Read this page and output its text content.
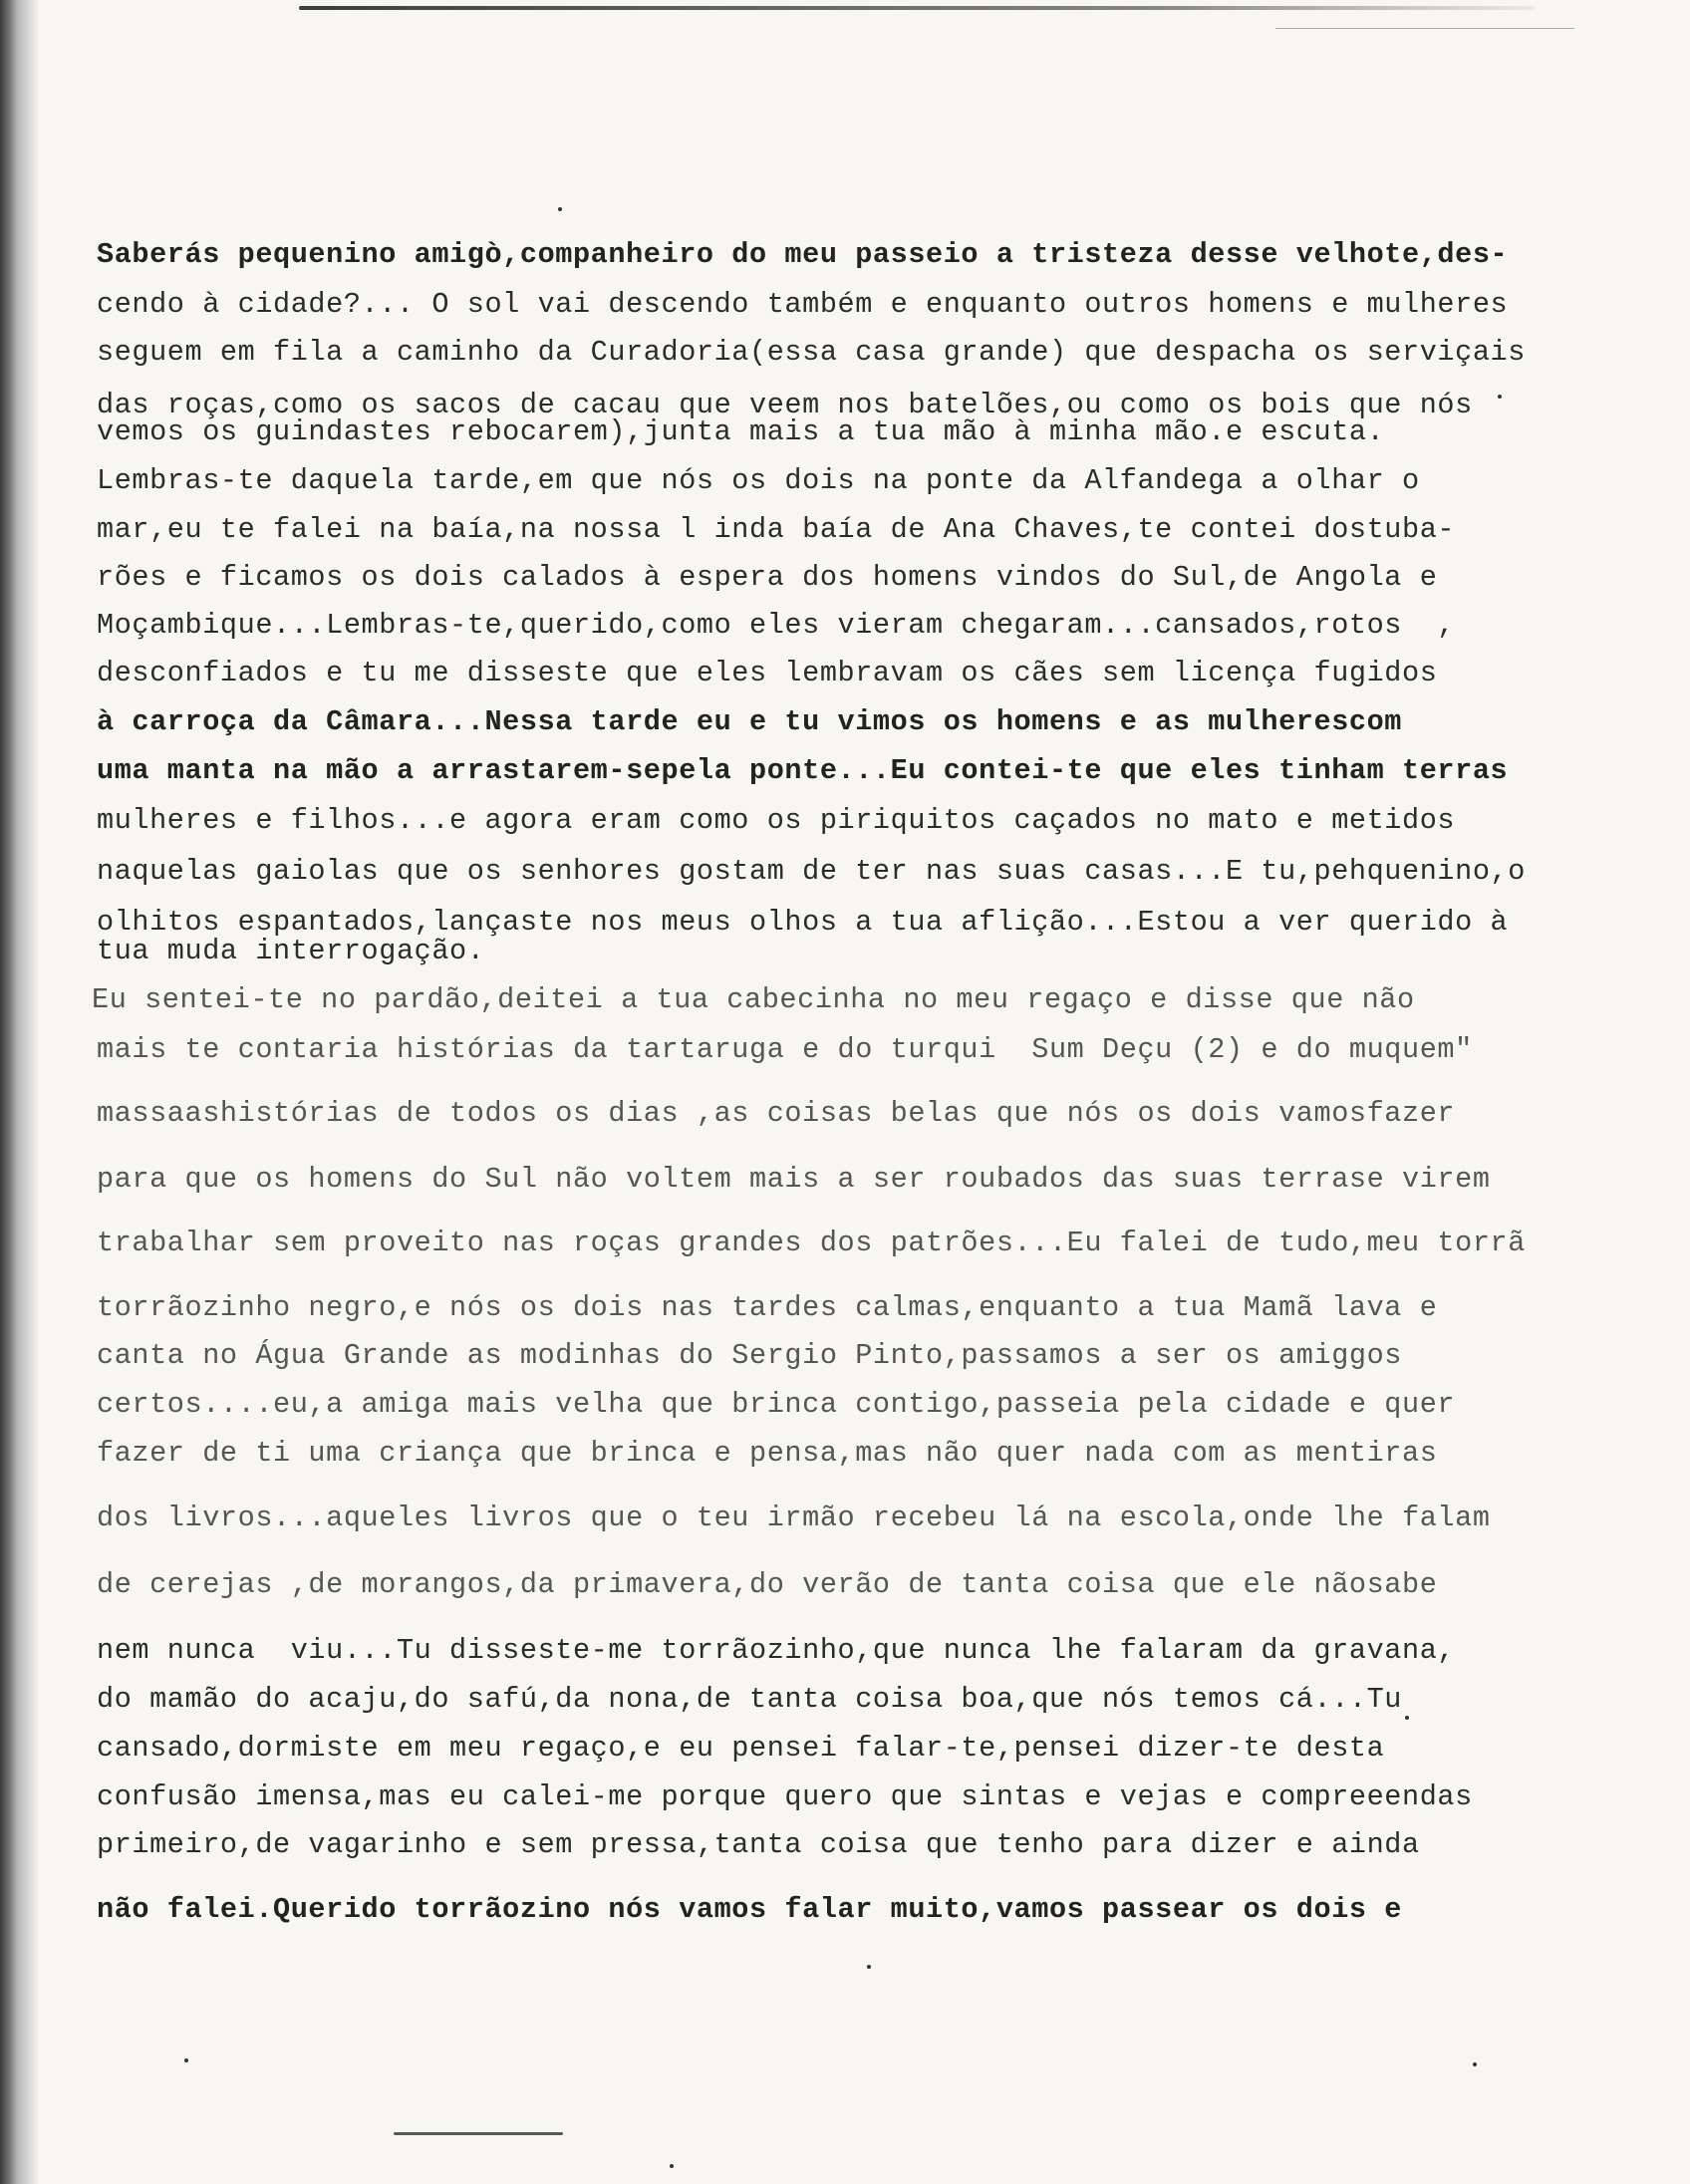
Saberás pequenino amigò,companheiro do meu passeio a tristeza desse velhote,des-
cendo à cidade?... O sol vai descendo também e enquanto outros homens e mulheres
seguem em fila a caminho da Curadoria(essa casa grande) que despacha os serviçais
das roças,como os sacos de cacau que veem nos batelões,ou como os bois que nós
vemos os guindastes rebocarem),junta mais a tua mão à minha mão.e escuta.
Lembras-te daquela tarde,em que nós os dois na ponte da Alfandega a olhar o
mar,eu te falei na baía,na nossa l inda baía de Ana Chaves,te contei dostuba-
rões e ficamos os dois calados à espera dos homens vindos do Sul,de Angola e
Moçambique...Lembras-te,querido,como eles vieram chegaram...cansados,rotos  ,
desconfiados e tu me disseste que eles lembravam os cães sem licença fugidos
à carroça da Câmara...Nessa tarde eu e tu vimos os homens e as mulherescom
uma manta na mão a arrastarem-sepela ponte...Eu contei-te que eles tinham terras
mulheres e filhos...e agora eram como os piriquitos caçados no mato e metidos
naquelas gaiolas que os senhores gostam de ter nas suas casas...E tu,pehquenino,o
olhitos espantados,lançaste nos meus olhos a tua aflição...Estou a ver querido à
tua muda interrogação.
Eu sentei-te no pardão,deitei a tua cabecinha no meu regaço e disse que não
mais te contaria histórias da tartaruga e do turqui  Sum Deçu (2) e do muquem"
massaashistórias de todos os dias ,as coisas belas que nós os dois vamosfazer
para que os homens do Sul não voltem mais a ser roubados das suas terrase virem
trabalhar sem proveito nas roças grandes dos patrões...Eu falei de tudo,meu torrã
torrãozinho negro,e nós os dois nas tardes calmas,enquanto a tua Mamã lava e
canta no Água Grande as modinhas do Sergio Pinto,passamos a ser os amiggos
certos....eu,a amiga mais velha que brinca contigo,passeia pela cidade e quer
fazer de ti uma criança que brinca e pensa,mas não quer nada com as mentiras
dos livros...aqueles livros que o teu irmão recebeu lá na escola,onde lhe falam
de cerejas ,de morangos,da primavera,do verão de tanta coisa que ele nãosabe
nem nunca  viu...Tu disseste-me torrãozinho,que nunca lhe falaram da gravana,
do mamão do acaju,do safú,da nona,de tanta coisa boa,que nós temos cá...Tu
cansado,dormiste em meu regaço,e eu pensei falar-te,pensei dizer-te desta
confusão imensa,mas eu calei-me porque quero que sintas e vejas e compreeendas
primeiro,de vagarinho e sem pressa,tanta coisa que tenho para dizer e ainda
não falei.Querido torrãozino nós vamos falar muito,vamos passear os dois e
